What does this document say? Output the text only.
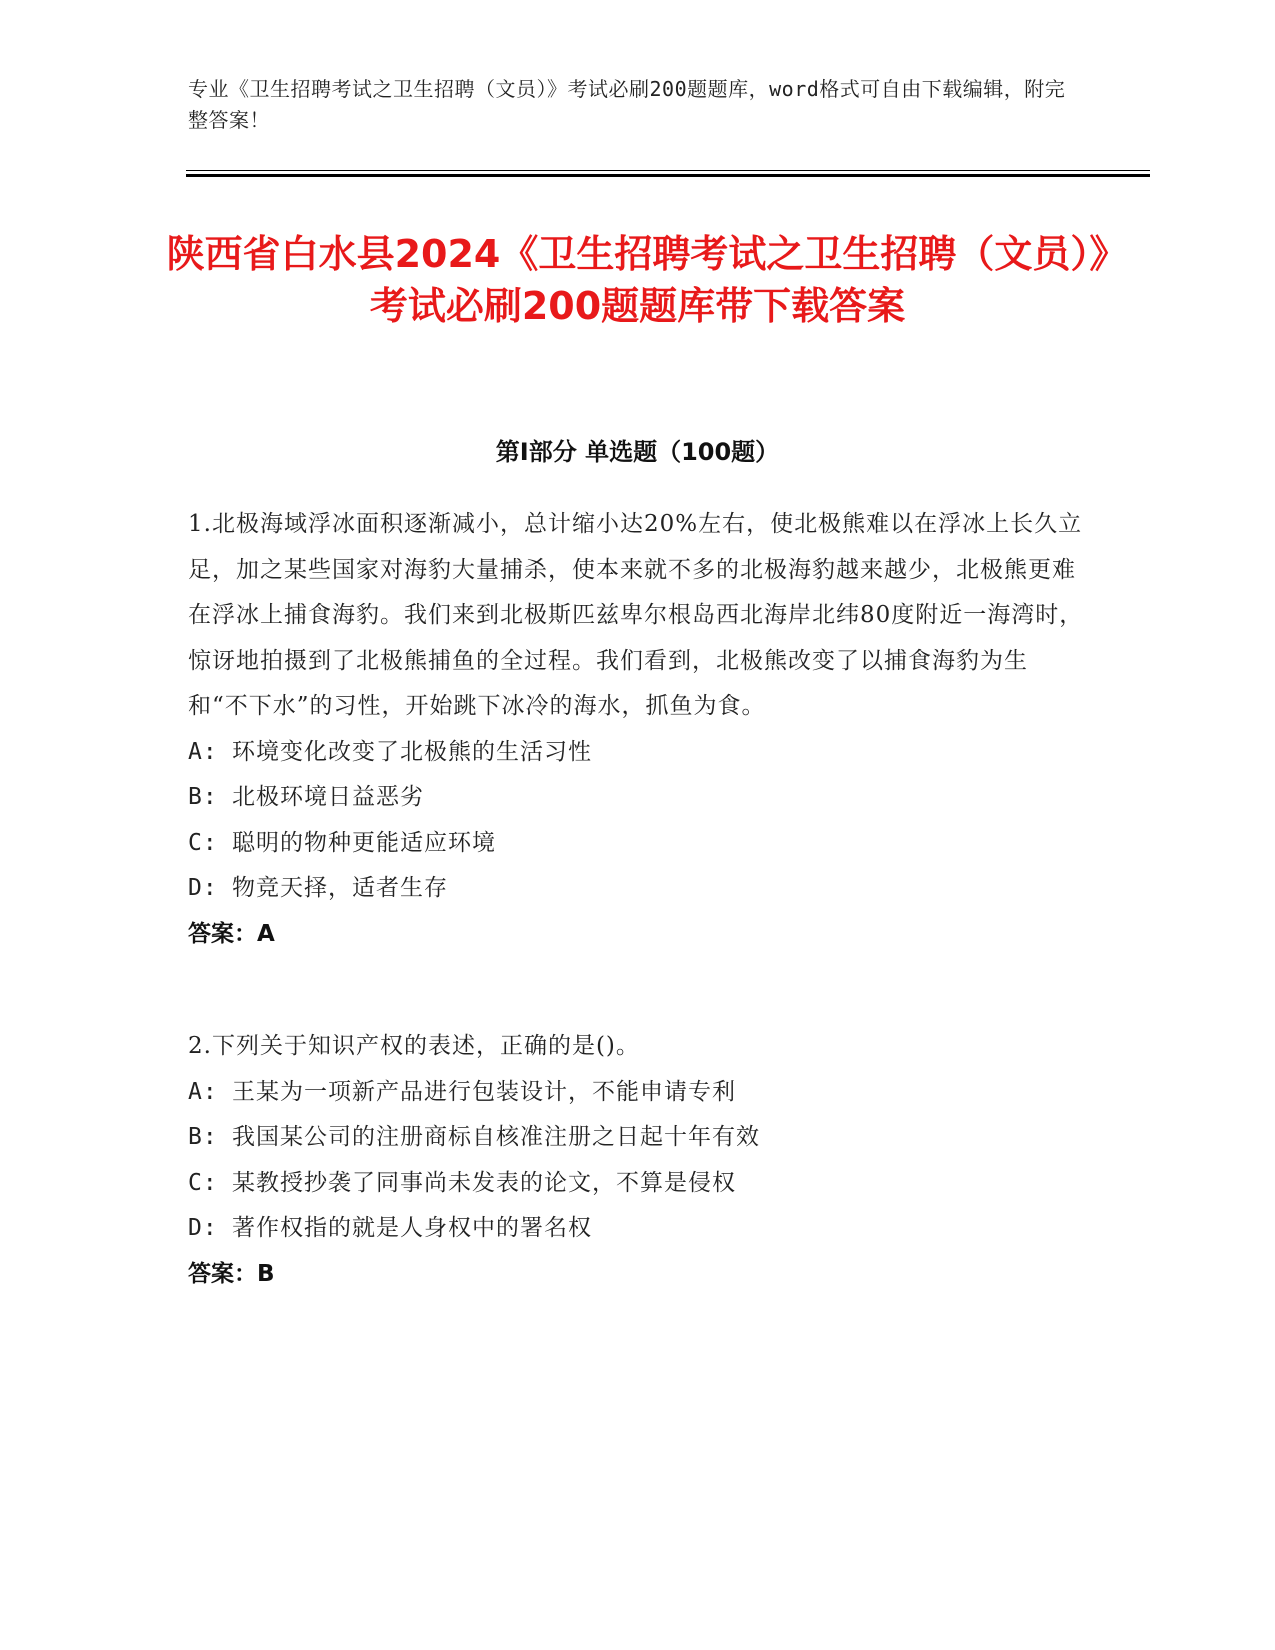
专业《卫生招聘考试之卫生招聘（文员）》考试必刷200题题库，word格式可自由下载编辑，附完整答案！
陕西省白水县2024《卫生招聘考试之卫生招聘（文员）》考试必刷200题题库带下载答案
第Ⅰ部分 单选题（100题）

1.北极海域浮冰面积逐渐减小，总计缩小达20%左右，使北极熊难以在浮冰上长久立足，加之某些国家对海豹大量捕杀，使本来就不多的北极海豹越来越少，北极熊更难在浮冰上捕食海豹。我们来到北极斯匹兹卑尔根岛西北海岸北纬80度附近一海湾时，惊讶地拍摄到了北极熊捕鱼的全过程。我们看到，北极熊改变了以捕食海豹为生和“不下水”的习性，开始跳下冰冷的海水，抓鱼为食。

A: 环境变化改变了北极熊的生活习性

B: 北极环境日益恶劣

C: 聪明的物种更能适应环境

D: 物竞天择，适者生存

答案：A

2.下列关于知识产权的表述，正确的是()。

A: 王某为一项新产品进行包装设计，不能申请专利

B: 我国某公司的注册商标自核准注册之日起十年有效

C: 某教授抄袭了同事尚未发表的论文，不算是侵权

D: 著作权指的就是人身权中的署名权

答案：B
